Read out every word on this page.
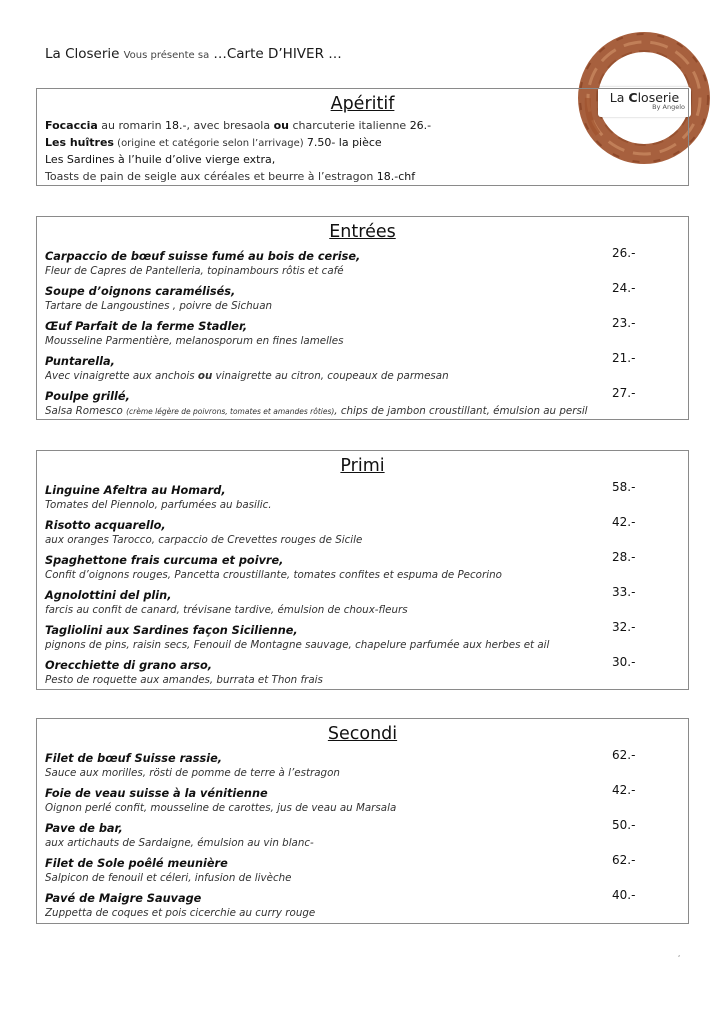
La Closerie Vous présente sa …Carte D’HIVER …
La Closerie
By Angelo
Apéritif
Focaccia au romarin 18.-, avec bresaola ou charcuterie italienne 26.-
Les huîtres (origine et catégorie selon l’arrivage) 7.50- la pièce
Les Sardines à l’huile d’olive vierge extra,
Toasts de pain de seigle aux céréales et beurre à l’estragon 18.-chf
Entrées
Carpaccio de bœuf suisse fumé au bois de cerise,	26.-
Fleur de Capres de Pantelleria, topinambours rôtis et café
Soupe d’oignons caramélisés,	24.-
Tartare de Langoustines , poivre de Sichuan
Œuf Parfait de la ferme Stadler,	23.-
Mousseline Parmentière, melanosporum en fines lamelles
Puntarella,	21.-
Avec vinaigrette aux anchois ou vinaigrette au citron, coupeaux de parmesan
Poulpe grillé,	27.-
Salsa Romesco (crème légère de poivrons, tomates et amandes rôties), chips de jambon croustillant, émulsion au persil
Primi
Linguine Afeltra au Homard,	58.-
Tomates del Piennolo, parfumées au basilic.
Risotto acquarello,	42.-
aux oranges Tarocco, carpaccio de Crevettes rouges de Sicile
Spaghettone frais curcuma et poivre,	28.-
Confit d’oignons rouges, Pancetta croustillante, tomates confites et espuma de Pecorino
Agnolottini del plin,	33.-
farcis au confit de canard, trévisane tardive, émulsion de choux-fleurs
Tagliolini aux Sardines façon Sicilienne,	32.-
pignons de pins, raisin secs, Fenouil de Montagne sauvage, chapelure parfumée aux herbes et ail
Orecchiette di grano arso,	30.-
Pesto de roquette aux amandes, burrata et Thon frais
Secondi
Filet de bœuf Suisse rassie,	62.-
Sauce aux morilles, rösti de pomme de terre à l’estragon
Foie de veau suisse à la vénitienne	42.-
Oignon perlé confit, mousseline de carottes, jus de veau au Marsala
Pave de bar,	50.-
aux artichauts de Sardaigne, émulsion au vin blanc-
Filet de Sole poêlé meunière	62.-
Salpicon de fenouil et céleri, infusion de livèche
Pavé de Maigre Sauvage	40.-
Zuppetta de coques et pois cicerchie au curry rouge
,
